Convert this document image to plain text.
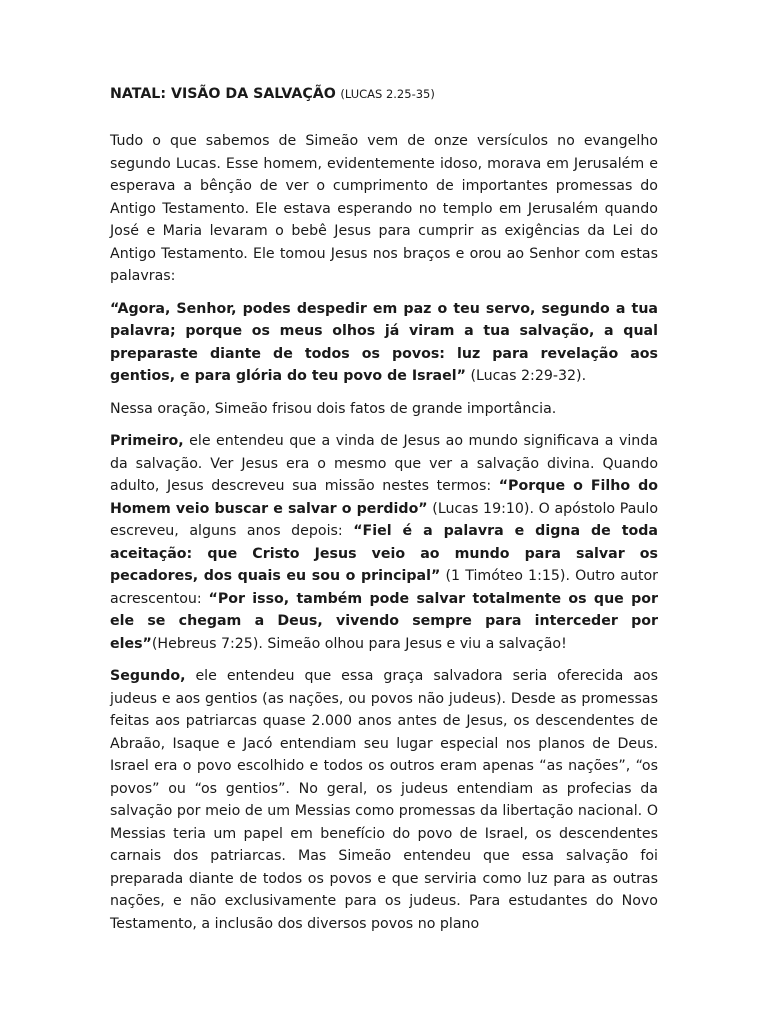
NATAL: VISÃO DA SALVAÇÃO (LUCAS 2.25-35)

Tudo o que sabemos de Simeão vem de onze versículos no evangelho segundo Lucas. Esse homem, evidentemente idoso, morava em Jerusalém e esperava a bênção de ver o cumprimento de importantes promessas do Antigo Testamento. Ele estava esperando no templo em Jerusalém quando José e Maria levaram o bebê Jesus para cumprir as exigências da Lei do Antigo Testamento. Ele tomou Jesus nos braços e orou ao Senhor com estas palavras:

“Agora, Senhor, podes despedir em paz o teu servo, segundo a tua palavra; porque os meus olhos já viram a tua salvação, a qual preparaste diante de todos os povos: luz para revelação aos gentios, e para glória do teu povo de Israel” (Lucas 2:29-32).

Nessa oração, Simeão frisou dois fatos de grande importância.

Primeiro, ele entendeu que a vinda de Jesus ao mundo significava a vinda da salvação. Ver Jesus era o mesmo que ver a salvação divina. Quando adulto, Jesus descreveu sua missão nestes termos: “Porque o Filho do Homem veio buscar e salvar o perdido” (Lucas 19:10). O apóstolo Paulo escreveu, alguns anos depois: “Fiel é a palavra e digna de toda aceitação: que Cristo Jesus veio ao mundo para salvar os pecadores, dos quais eu sou o principal” (1 Timóteo 1:15). Outro autor acrescentou: “Por isso, também pode salvar totalmente os que por ele se chegam a Deus, vivendo sempre para interceder por eles”(Hebreus 7:25). Simeão olhou para Jesus e viu a salvação!

Segundo, ele entendeu que essa graça salvadora seria oferecida aos judeus e aos gentios (as nações, ou povos não judeus). Desde as promessas feitas aos patriarcas quase 2.000 anos antes de Jesus, os descendentes de Abraão, Isaque e Jacó entendiam seu lugar especial nos planos de Deus. Israel era o povo escolhido e todos os outros eram apenas “as nações”, “os povos” ou “os gentios”. No geral, os judeus entendiam as profecias da salvação por meio de um Messias como promessas da libertação nacional. O Messias teria um papel em benefício do povo de Israel, os descendentes carnais dos patriarcas. Mas Simeão entendeu que essa salvação foi preparada diante de todos os povos e que serviria como luz para as outras nações, e não exclusivamente para os judeus. Para estudantes do Novo Testamento, a inclusão dos diversos povos no plano
